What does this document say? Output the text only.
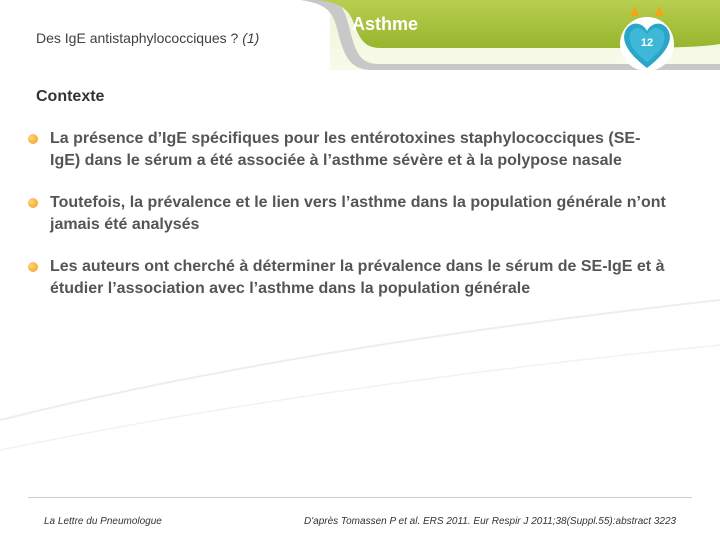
Des IgE antistaphylococciques ? (1)
Asthme
12
Contexte
La présence d’IgE spécifiques pour les entérotoxines staphylococciques (SE-IgE) dans le sérum a été associée à l’asthme sévère et à la polypose nasale
Toutefois, la prévalence et le lien vers l’asthme dans la population générale n’ont jamais été analysés
Les auteurs ont cherché à déterminer la prévalence dans le sérum de SE-IgE et à étudier l’association avec l’asthme dans la population générale
La Lettre du Pneumologue	D'après Tomassen P et al. ERS 2011. Eur Respir J 2011;38(Suppl.55):abstract 3223
